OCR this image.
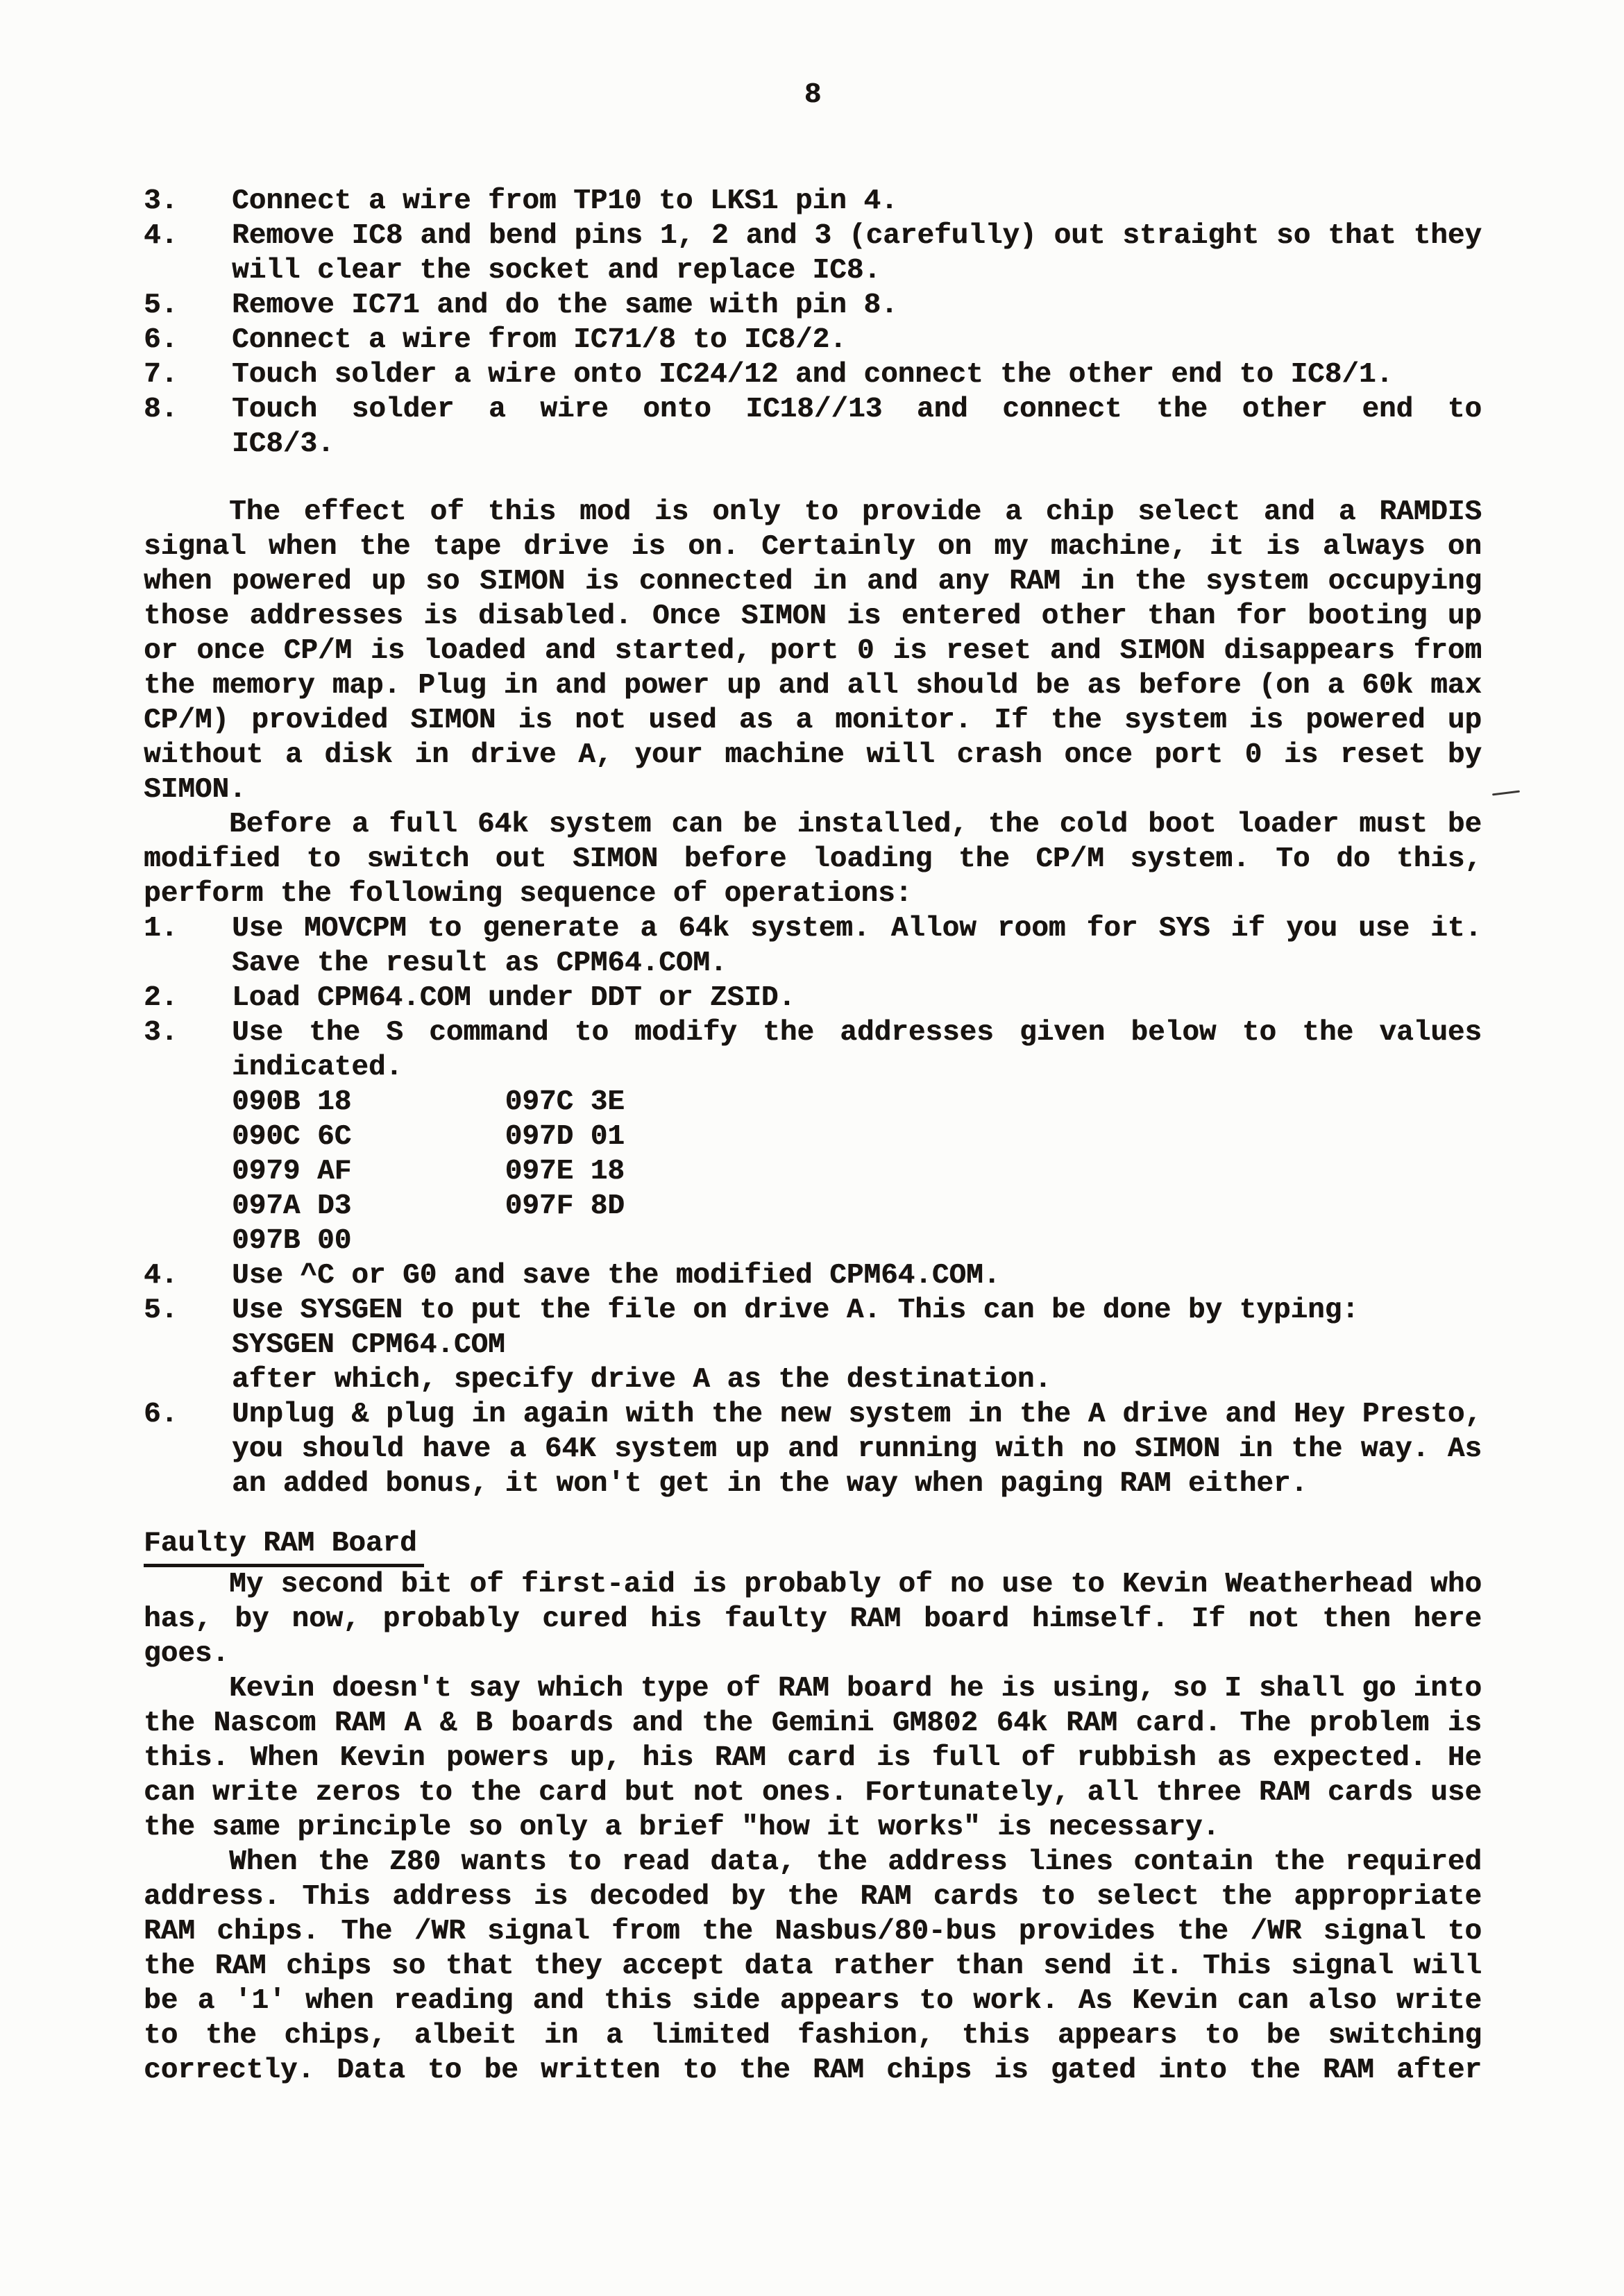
8
3. Connect a wire from TP10 to LKS1 pin 4.
4. Remove IC8 and bend pins 1, 2 and 3 (carefully) out straight so that they
will clear the socket and replace IC8.
5. Remove IC71 and do the same with pin 8.
6. Connect a wire from IC71/8 to IC8/2.
7. Touch solder a wire onto IC24/12 and connect the other end to IC8/1.
8. Touch solder a wire onto IC18//13 and connect the other end to
IC8/3.
The effect of this mod is only to provide a chip select and a RAMDIS
signal when the tape drive is on. Certainly on my machine, it is always on
when powered up so SIMON is connected in and any RAM in the system occupying
those addresses is disabled. Once SIMON is entered other than for booting up
or once CP/M is loaded and started, port 0 is reset and SIMON disappears from
the memory map. Plug in and power up and all should be as before (on a 60k max
CP/M) provided SIMON is not used as a monitor. If the system is powered up
without a disk in drive A, your machine will crash once port 0 is reset by
SIMON.
Before a full 64k system can be installed, the cold boot loader must be
modified to switch out SIMON before loading the CP/M system. To do this,
perform the following sequence of operations:
1. Use MOVCPM to generate a 64k system. Allow room for SYS if you use it.
Save the result as CPM64.COM.
2. Load CPM64.COM under DDT or ZSID.
3. Use the S command to modify the addresses given below to the values
indicated.
090B 18         097C 3E
090C 6C         097D 01
0979 AF         097E 18
097A D3         097F 8D
097B 00
4. Use ^C or G0 and save the modified CPM64.COM.
5. Use SYSGEN to put the file on drive A. This can be done by typing:
SYSGEN CPM64.COM
after which, specify drive A as the destination.
6. Unplug & plug in again with the new system in the A drive and Hey Presto,
you should have a 64K system up and running with no SIMON in the way. As
an added bonus, it won't get in the way when paging RAM either.
Faulty RAM Board
My second bit of first-aid is probably of no use to Kevin Weatherhead who
has, by now, probably cured his faulty RAM board himself. If not then here
goes.
Kevin doesn't say which type of RAM board he is using, so I shall go into
the Nascom RAM A & B boards and the Gemini GM802 64k RAM card. The problem is
this. When Kevin powers up, his RAM card is full of rubbish as expected. He
can write zeros to the card but not ones. Fortunately, all three RAM cards use
the same principle so only a brief "how it works" is necessary.
When the Z80 wants to read data, the address lines contain the required
address. This address is decoded by the RAM cards to select the appropriate
RAM chips. The /WR signal from the Nasbus/80-bus provides the /WR signal to
the RAM chips so that they accept data rather than send it. This signal will
be a '1' when reading and this side appears to work. As Kevin can also write
to the chips, albeit in a limited fashion, this appears to be switching
correctly. Data to be written to the RAM chips is gated into the RAM after
